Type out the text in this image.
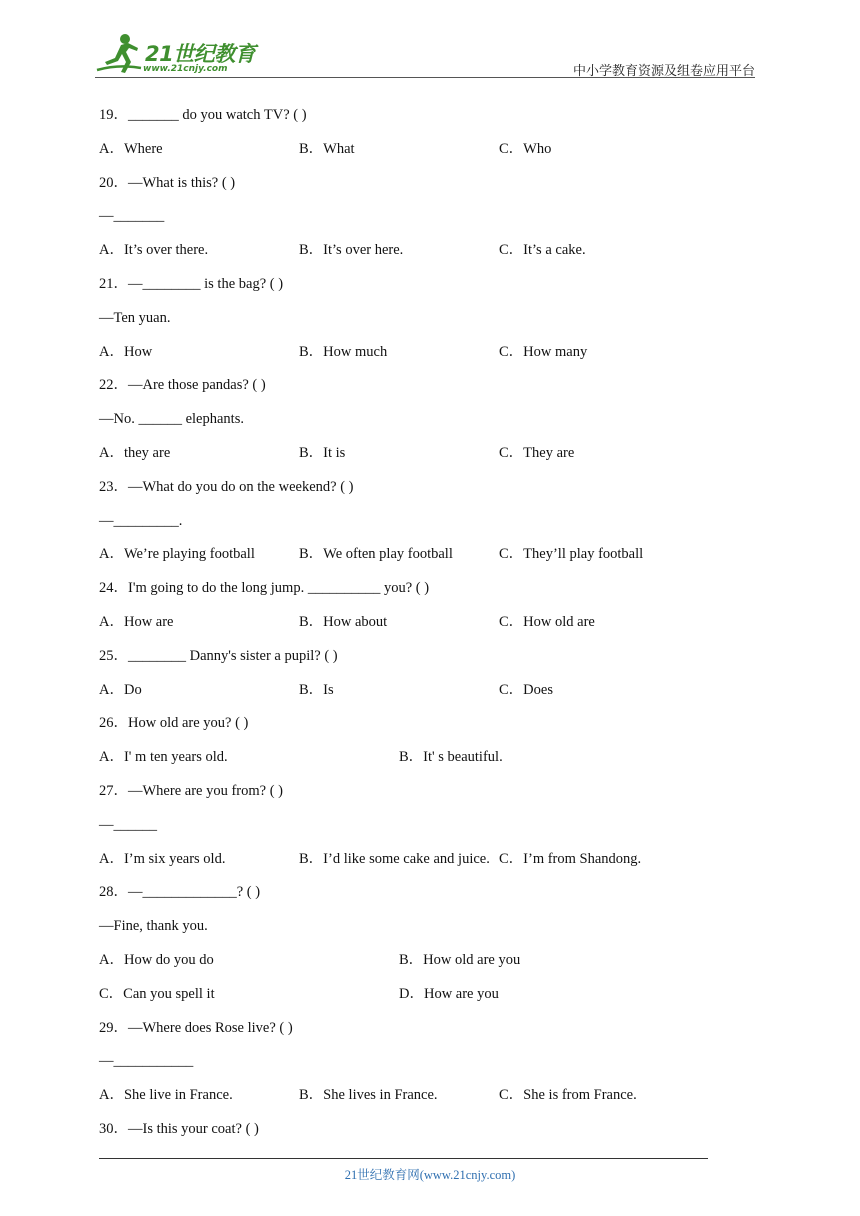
21世纪教育
www.21cnjy.com	中小学教育资源及组卷应用平台
19．_______ do you watch TV? ( )
A．Where	B．What	C．Who
20．—What is this? ( )
—_______
A．It’s over there.	B．It’s over here.	C．It’s a cake.
21．—________ is the bag? ( )
—Ten yuan.
A．How	B．How much	C．How many
22．—Are those pandas? ( )
—No. ______ elephants.
A．they are	B．It is	C．They are
23．—What do you do on the weekend? ( )
—_________.
A．We’re playing football	B．We often play football	C．They’ll play football
24．I'm going to do the long jump. __________ you? ( )
A．How are	B．How about	C．How old are
25．________ Danny's sister a pupil? ( )
A．Do	B．Is	C．Does
26．How old are you? ( )
A．I' m ten years old.	B．It' s beautiful.
27．—Where are you from? ( )
—______
A．I’m six years old.	B．I’d like some cake and juice. C．I’m from Shandong.
28．—_____________? ( )
—Fine, thank you.
A．How do you do	B．How old are you
C．Can you spell it	D．How are you
29．—Where does Rose live? ( )
—___________
A．She live in France.	B．She lives in France.	C．She is from France.
30．—Is this your coat? ( )
21世纪教育网(www.21cnjy.com)
